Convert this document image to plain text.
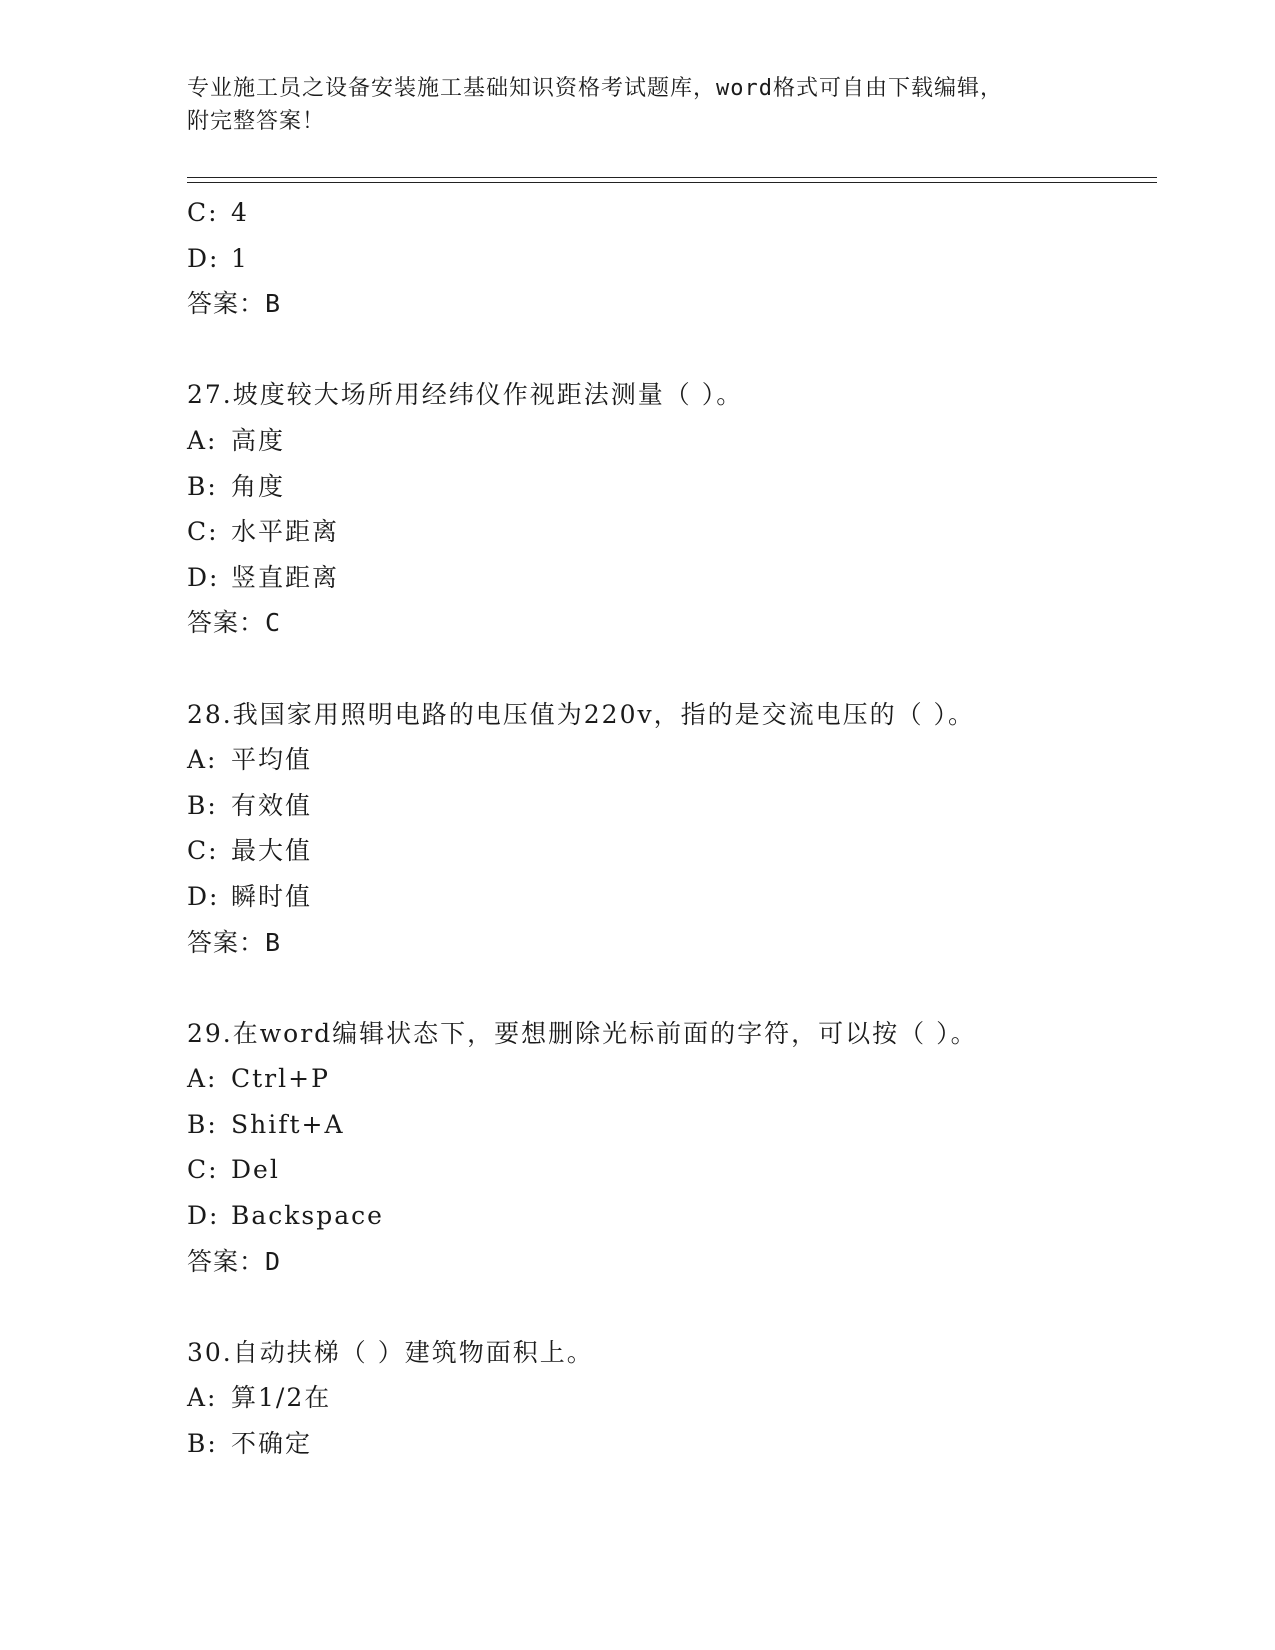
专业施工员之设备安装施工基础知识资格考试题库，word格式可自由下载编辑，
附完整答案！
C: 4
D: 1
答案：B
27.坡度较大场所用经纬仪作视距法测量（ ）。
A: 高度
B: 角度
C: 水平距离
D: 竖直距离
答案：C
28.我国家用照明电路的电压值为220v，指的是交流电压的（ ）。
A: 平均值
B: 有效值
C: 最大值
D: 瞬时值
答案：B
29.在word编辑状态下，要想删除光标前面的字符，可以按（ ）。
A: Ctrl+P
B: Shift+A
C: Del
D: Backspace
答案：D
30.自动扶梯（ ）建筑物面积上。
A: 算1/2在
B: 不确定
